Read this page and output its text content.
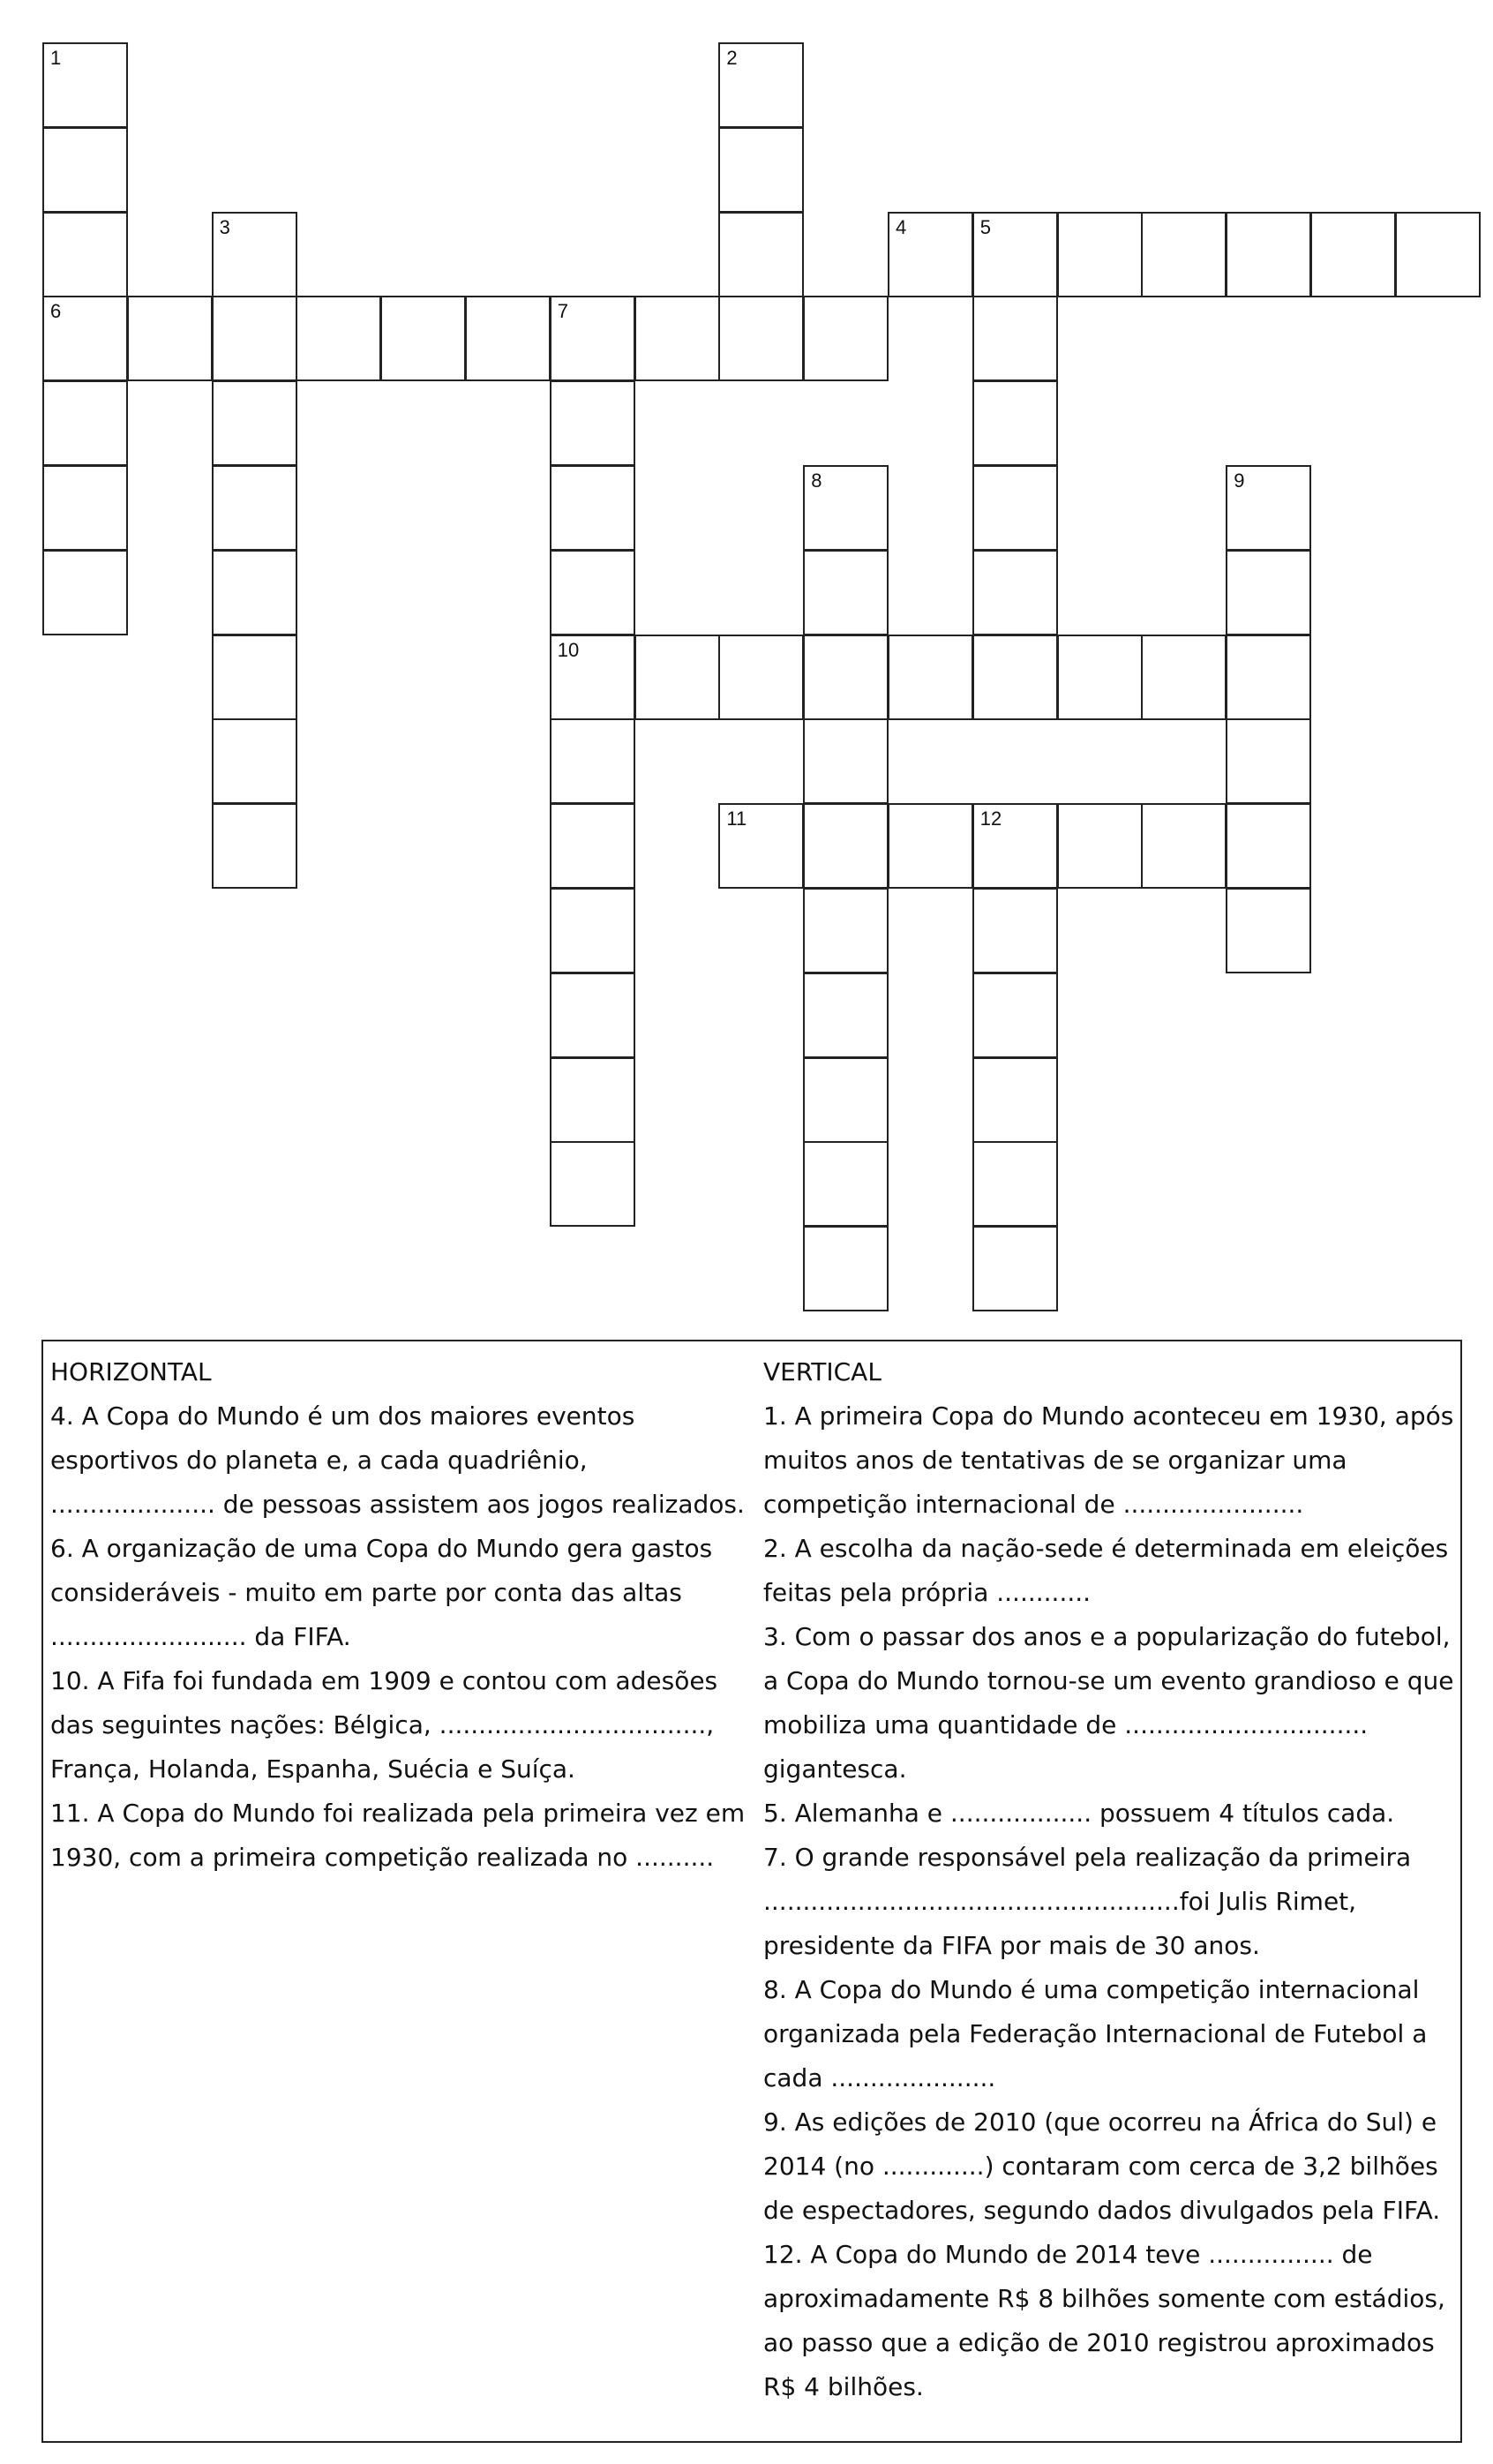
1
6
2
3	4	5
7
10
8	9
11	12

HORIZONTAL

4. A Copa do Mundo é um dos maiores eventos esportivos do planeta e, a cada quadriênio, ..................... de pessoas assistem aos jogos realizados.

6. A organização de uma Copa do Mundo gera gastos consideráveis - muito em parte por conta das altas ......................... da FIFA.

10. A Fifa foi fundada em 1909 e contou com adesões das seguintes nações: Bélgica, .................................., França, Holanda, Espanha, Suécia e Suíça.

11. A Copa do Mundo foi realizada pela primeira vez em 1930, com a primeira competição realizada no ..........

VERTICAL

1. A primeira Copa do Mundo aconteceu em 1930, após muitos anos de tentativas de se organizar uma competição internacional de .......................

2. A escolha da nação-sede é determinada em eleições feitas pela própria ............

3. Com o passar dos anos e a popularização do futebol, a Copa do Mundo tornou-se um evento grandioso e que mobiliza uma quantidade de ............................... gigantesca.

5. Alemanha e .................. possuem 4 títulos cada.

7. O grande responsável pela realização da primeira .....................................................foi Julis Rimet, presidente da FIFA por mais de 30 anos.

8. A Copa do Mundo é uma competição internacional organizada pela Federação Internacional de Futebol a cada .....................

9. As edições de 2010 (que ocorreu na África do Sul) e 2014 (no .............) contaram com cerca de 3,2 bilhões de espectadores, segundo dados divulgados pela FIFA.

12. A Copa do Mundo de 2014 teve ................ de aproximadamente R$ 8 bilhões somente com estádios, ao passo que a edição de 2010 registrou aproximados R$ 4 bilhões.
